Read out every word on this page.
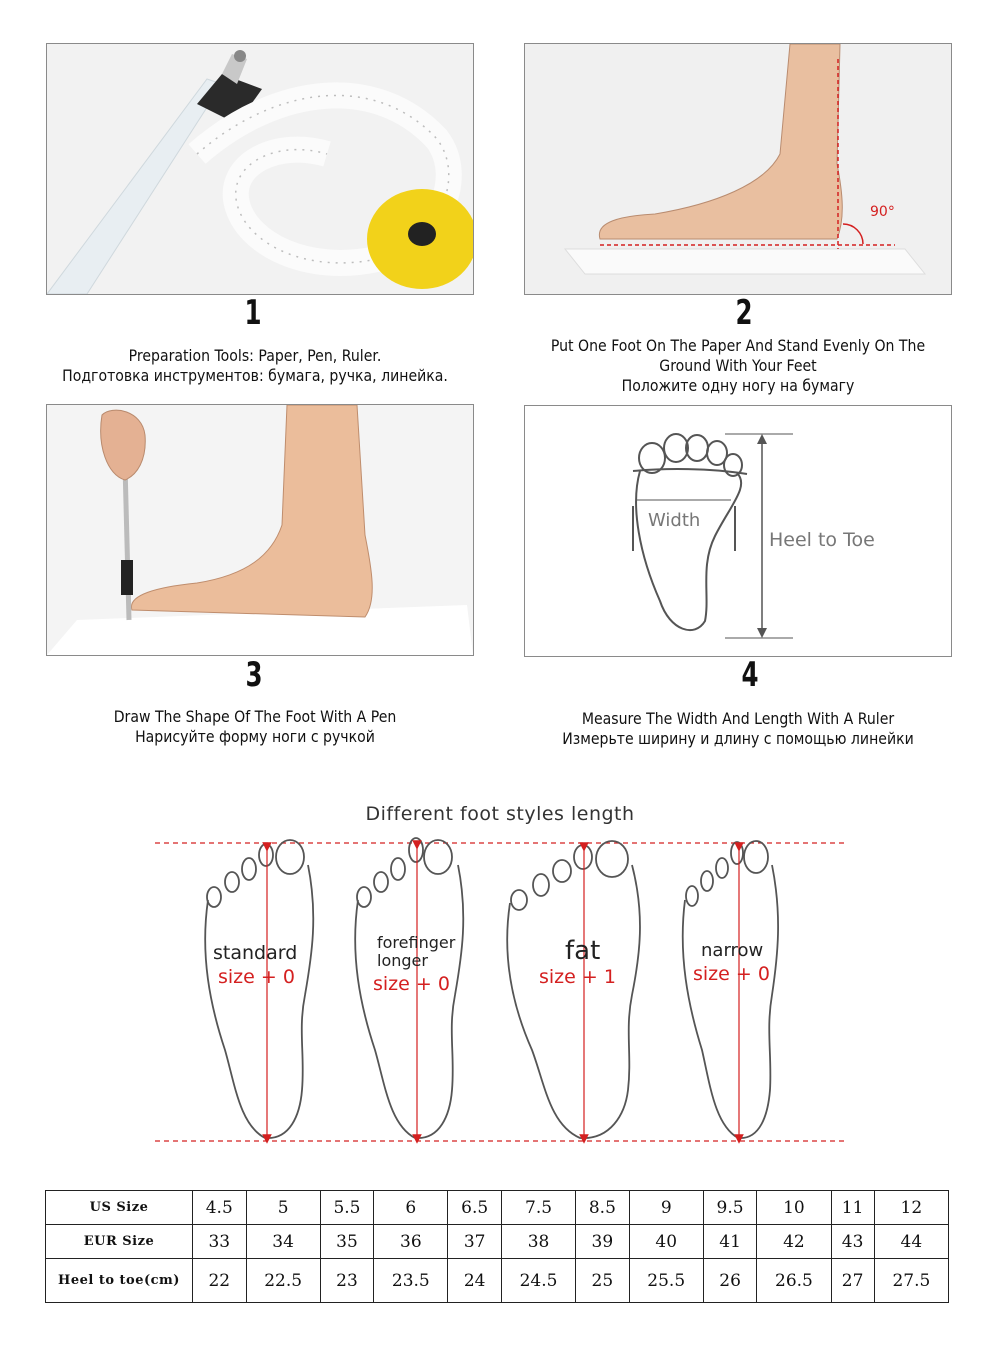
1
Preparation Tools: Paper, Pen, Ruler.
Подготовка инструментов: бумага, ручка, линейка.
90°
2
Put One Foot On The Paper And Stand Evenly On The
Ground With Your Feet
Положите одну ногу на бумагу
3
Draw The Shape Of The Foot With A Pen
Нарисуйте форму ноги с ручкой
Width
Heel to Toe
4
Measure The Width And Length With A Ruler
Измерьте ширину и длину с помощью линейки
Different foot styles length
standard
size + 0
forefinger
longer
size + 0
fat
size + 1
narrow
size + 0
US Size	4.5	5	5.5	6	6.5	7.5	8.5	9	9.5	10	11	12
EUR Size	33	34	35	36	37	38	39	40	41	42	43	44
Heel to toe(cm)	22	22.5	23	23.5	24	24.5	25	25.5	26	26.5	27	27.5
